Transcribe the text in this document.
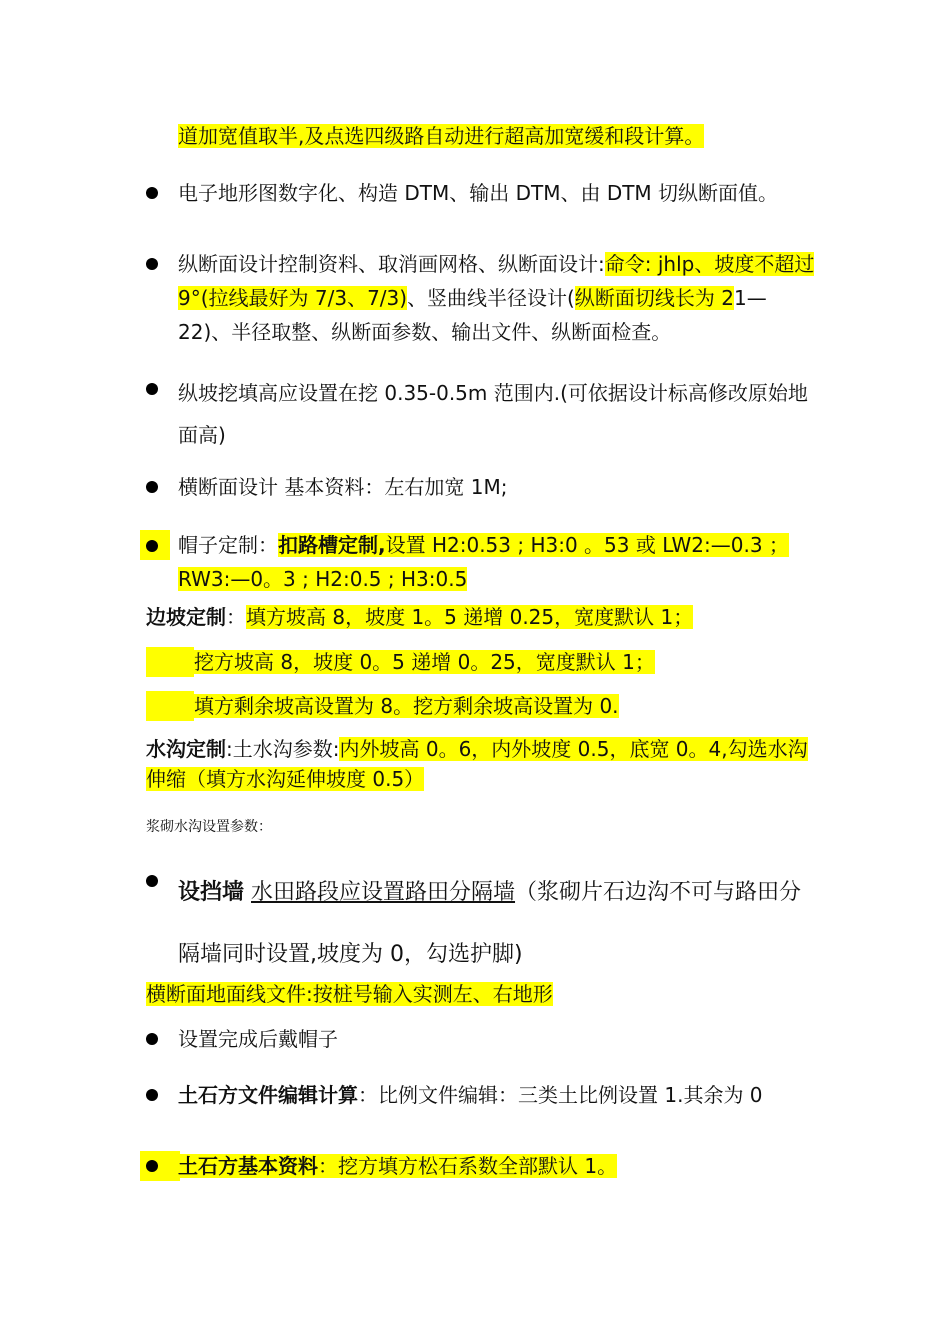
道加宽值取半,及点选四级路自动进行超高加宽缓和段计算。
电子地形图数字化、构造 DTM、输出 DTM、由 DTM 切纵断面值。
纵断面设计控制资料、取消画网格、纵断面设计:命令: jhlp、坡度不超过 9°(拉线最好为 7/3、7/3)、竖曲线半径设计(纵断面切线长为 21—22)、半径取整、纵断面参数、输出文件、纵断面检查。
纵坡挖填高应设置在挖 0.35-0.5m 范围内.(可依据设计标高修改原始地面高)
横断面设计 基本资料：左右加宽 1M;
帽子定制：扣路槽定制,设置 H2:0.53 ; H3:0 。53 或 LW2:—0.3 ；RW3:—0。3 ; H2:0.5 ; H3:0.5
边坡定制：填方坡高 8，坡度 1。5 递增 0.25，宽度默认 1；
挖方坡高 8，坡度 0。5 递增 0。25，宽度默认 1；
填方剩余坡高设置为 8。挖方剩余坡高设置为 0.
水沟定制:土水沟参数:内外坡高 0。6，内外坡度 0.5，底宽 0。4,勾选水沟伸缩（填方水沟延伸坡度 0.5）
浆砌水沟设置参数：
设挡墙 水田路段应设置路田分隔墙（浆砌片石边沟不可与路田分隔墙同时设置,坡度为 0，勾选护脚)
横断面地面线文件:按桩号输入实测左、右地形
设置完成后戴帽子
土石方文件编辑计算：比例文件编辑：三类土比例设置 1.其余为 0
土石方基本资料：挖方填方松石系数全部默认 1。
